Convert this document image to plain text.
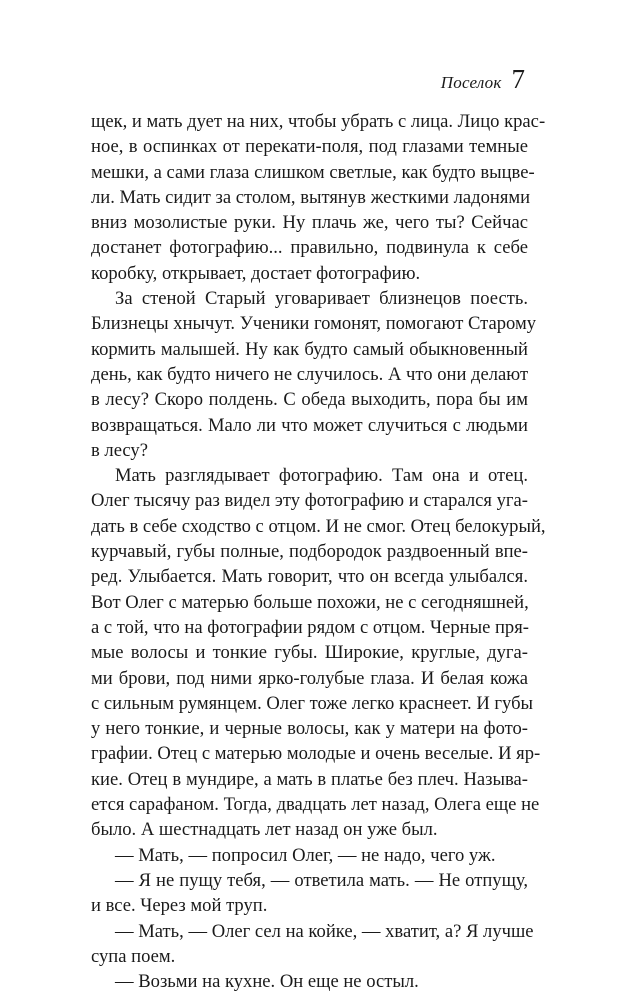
Поселок 7
щек, и мать дует на них, чтобы убрать с лица. Лицо крас-
ное, в оспинках от перекати-поля, под глазами темные
мешки, а сами глаза слишком светлые, как будто выцве-
ли. Мать сидит за столом, вытянув жесткими ладонями
вниз мозолистые руки. Ну плачь же, чего ты? Сейчас
достанет фотографию... правильно, подвинула к себе
коробку, открывает, достает фотографию.
За стеной Старый уговаривает близнецов поесть.
Близнецы хнычут. Ученики гомонят, помогают Старому
кормить малышей. Ну как будто самый обыкновенный
день, как будто ничего не случилось. А что они делают
в лесу? Скоро полдень. С обеда выходить, пора бы им
возвращаться. Мало ли что может случиться с людьми
в лесу?
Мать разглядывает фотографию. Там она и отец.
Олег тысячу раз видел эту фотографию и старался уга-
дать в себе сходство с отцом. И не смог. Отец белокурый,
курчавый, губы полные, подбородок раздвоенный впе-
ред. Улыбается. Мать говорит, что он всегда улыбался.
Вот Олег с матерью больше похожи, не с сегодняшней,
а с той, что на фотографии рядом с отцом. Черные пря-
мые волосы и тонкие губы. Широкие, круглые, дуга-
ми брови, под ними ярко-голубые глаза. И белая кожа
с сильным румянцем. Олег тоже легко краснеет. И губы
у него тонкие, и черные волосы, как у матери на фото-
графии. Отец с матерью молодые и очень веселые. И яр-
кие. Отец в мундире, а мать в платье без плеч. Называ-
ется сарафаном. Тогда, двадцать лет назад, Олега еще не
было. А шестнадцать лет назад он уже был.
— Мать, — попросил Олег, — не надо, чего уж.
— Я не пущу тебя, — ответила мать. — Не отпущу,
и все. Через мой труп.
— Мать, — Олег сел на койке, — хватит, а? Я лучше
супа поем.
— Возьми на кухне. Он еще не остыл.
